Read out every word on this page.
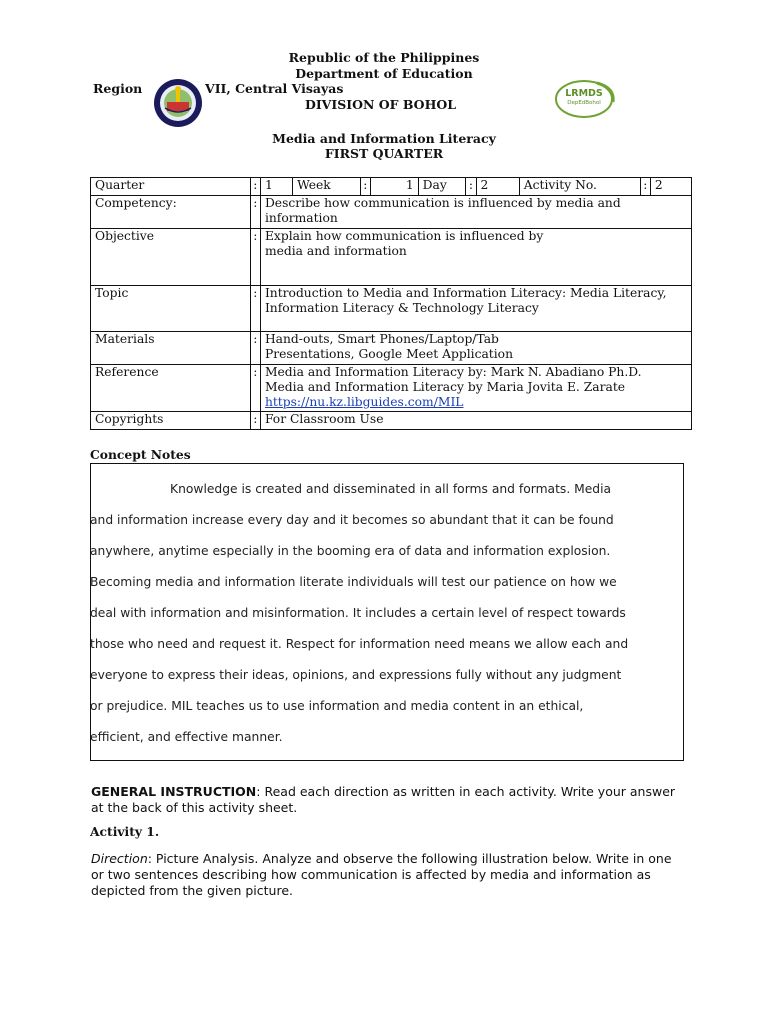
Republic of the Philippines
Department of Education
Region	VII, Central Visayas
DIVISION OF BOHOL
LRMDS
DepEdBohol
Media and Information Literacy
FIRST QUARTER
Quarter	:	1	Week	:	1	Day	:	2	Activity No.	:	2
Competency:	:	Describe how communication is influenced by media and information									
Objective	:	Explain how communication is influenced by
media and information									

Topic	:	Introduction to Media and Information Literacy: Media Literacy,
Information Literacy & Technology Literacy									

Materials	:	Hand-outs, Smart Phones/Laptop/Tab
Presentations, Google Meet Application									

Reference	:	Media and Information Literacy by: Mark N. Abadiano Ph.D.
Media and Information Literacy by Maria Jovita E. Zarate
https://nu.kz.libguides.com/MIL									
Copyrights	:	For Classroom Use									
Concept Notes
Knowledge is created and disseminated in all forms and formats. Media
and information increase every day and it becomes so abundant that it can be found
anywhere, anytime especially in the booming era of data and information explosion.
Becoming media and information literate individuals will test our patience on how we
deal with information and misinformation. It includes a certain level of respect towards
those who need and request it. Respect for information need means we allow each and
everyone to express their ideas, opinions, and expressions fully without any judgment
or prejudice. MIL teaches us to use information and media content in an ethical,
efficient, and effective manner.
GENERAL INSTRUCTION: Read each direction as written in each activity. Write your answer at the back of this activity sheet.
Activity 1.
Direction: Picture Analysis. Analyze and observe the following illustration below. Write in one or two sentences describing how communication is affected by media and information as depicted from the given picture.
